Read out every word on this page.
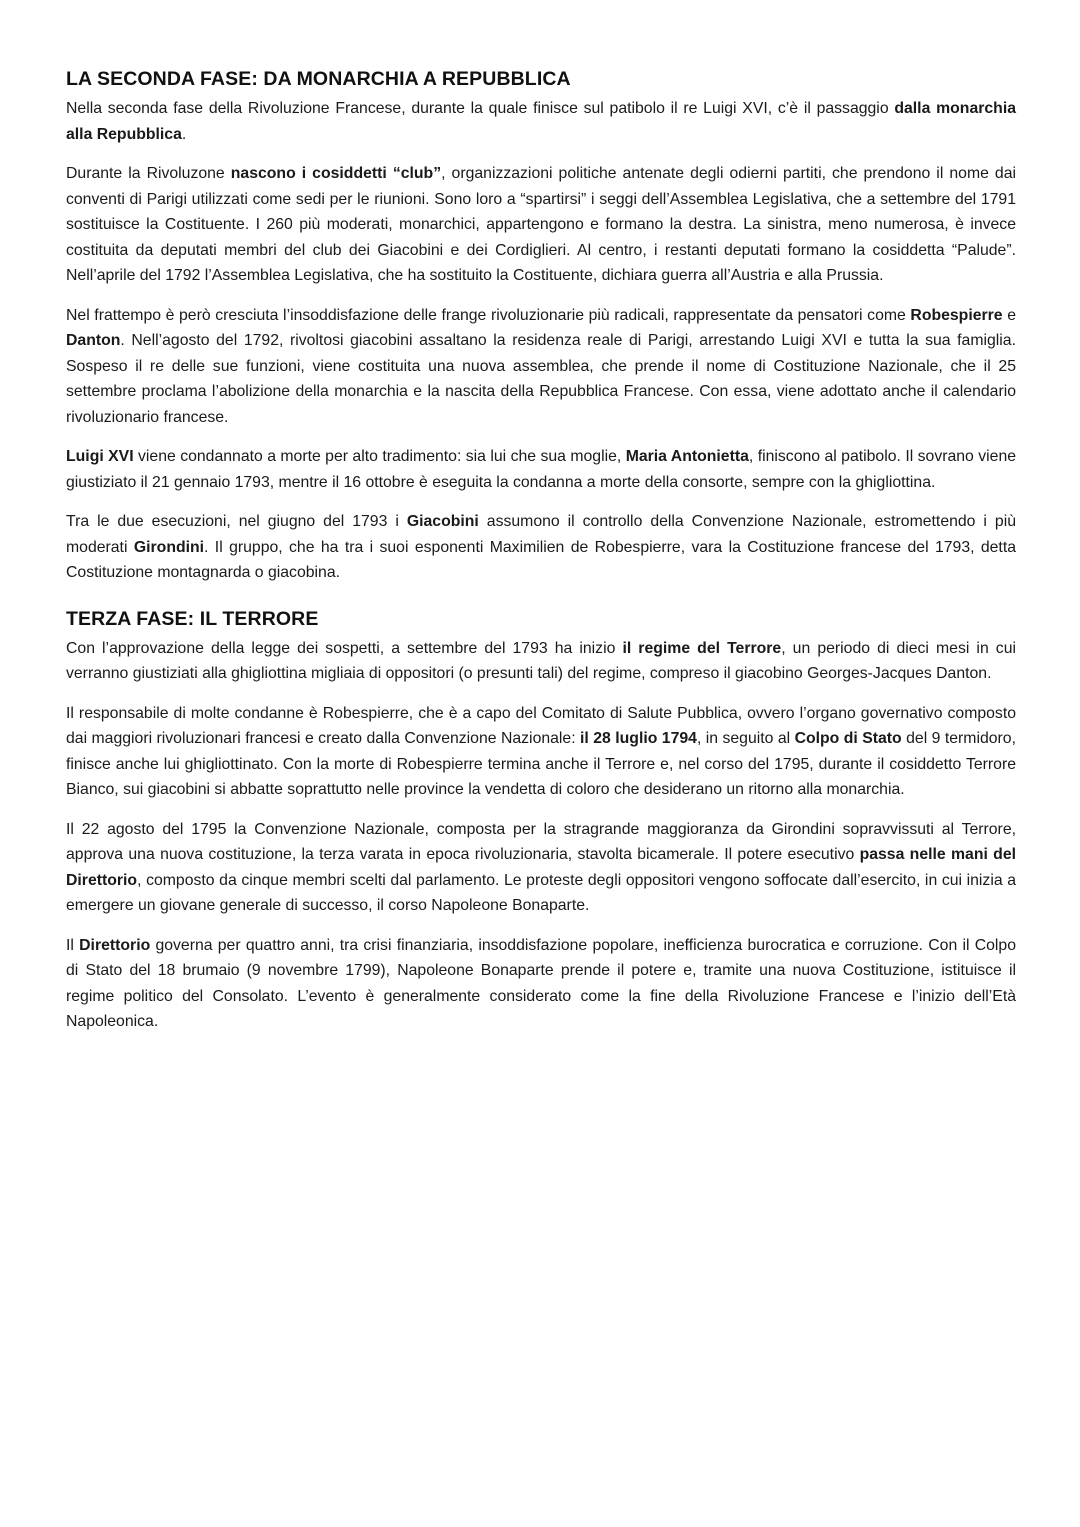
LA SECONDA FASE: DA MONARCHIA A REPUBBLICA

Nella seconda fase della Rivoluzione Francese, durante la quale finisce sul patibolo il re Luigi XVI, c’è il passaggio dalla monarchia alla Repubblica.

Durante la Rivoluzone nascono i cosiddetti “club”, organizzazioni politiche antenate degli odierni partiti, che prendono il nome dai conventi di Parigi utilizzati come sedi per le riunioni. Sono loro a “spartirsi” i seggi dell’Assemblea Legislativa, che a settembre del 1791 sostituisce la Costituente. I 260 più moderati, monarchici, appartengono e formano la destra. La sinistra, meno numerosa, è invece costituita da deputati membri del club dei Giacobini e dei Cordiglieri. Al centro, i restanti deputati formano la cosiddetta “Palude”. Nell’aprile del 1792 l’Assemblea Legislativa, che ha sostituito la Costituente, dichiara guerra all’Austria e alla Prussia.

Nel frattempo è però cresciuta l’insoddisfazione delle frange rivoluzionarie più radicali, rappresentate da pensatori come Robespierre e Danton. Nell’agosto del 1792, rivoltosi giacobini assaltano la residenza reale di Parigi, arrestando Luigi XVI e tutta la sua famiglia. Sospeso il re delle sue funzioni, viene costituita una nuova assemblea, che prende il nome di Costituzione Nazionale, che il 25 settembre proclama l’abolizione della monarchia e la nascita della Repubblica Francese. Con essa, viene adottato anche il calendario rivoluzionario francese.

Luigi XVI viene condannato a morte per alto tradimento: sia lui che sua moglie, Maria Antonietta, finiscono al patibolo. Il sovrano viene giustiziato il 21 gennaio 1793, mentre il 16 ottobre è eseguita la condanna a morte della consorte, sempre con la ghigliottina.

Tra le due esecuzioni, nel giugno del 1793 i Giacobini assumono il controllo della Convenzione Nazionale, estromettendo i più moderati Girondini. Il gruppo, che ha tra i suoi esponenti Maximilien de Robespierre, vara la Costituzione francese del 1793, detta Costituzione montagnarda o giacobina.

TERZA FASE: IL TERRORE

Con l’approvazione della legge dei sospetti, a settembre del 1793 ha inizio il regime del Terrore, un periodo di dieci mesi in cui verranno giustiziati alla ghigliottina migliaia di oppositori (o presunti tali) del regime, compreso il giacobino Georges-Jacques Danton.

Il responsabile di molte condanne è Robespierre, che è a capo del Comitato di Salute Pubblica, ovvero l’organo governativo composto dai maggiori rivoluzionari francesi e creato dalla Convenzione Nazionale: il 28 luglio 1794, in seguito al Colpo di Stato del 9 termidoro, finisce anche lui ghigliottinato. Con la morte di Robespierre termina anche il Terrore e, nel corso del 1795, durante il cosiddetto Terrore Bianco, sui giacobini si abbatte soprattutto nelle province la vendetta di coloro che desiderano un ritorno alla monarchia.

Il 22 agosto del 1795 la Convenzione Nazionale, composta per la stragrande maggioranza da Girondini sopravvissuti al Terrore, approva una nuova costituzione, la terza varata in epoca rivoluzionaria, stavolta bicamerale. Il potere esecutivo passa nelle mani del Direttorio, composto da cinque membri scelti dal parlamento. Le proteste degli oppositori vengono soffocate dall’esercito, in cui inizia a emergere un giovane generale di successo, il corso Napoleone Bonaparte.

Il Direttorio governa per quattro anni, tra crisi finanziaria, insoddisfazione popolare, inefficienza burocratica e corruzione. Con il Colpo di Stato del 18 brumaio (9 novembre 1799), Napoleone Bonaparte prende il potere e, tramite una nuova Costituzione, istituisce il regime politico del Consolato. L’evento è generalmente considerato come la fine della Rivoluzione Francese e l’inizio dell’Età Napoleonica.
